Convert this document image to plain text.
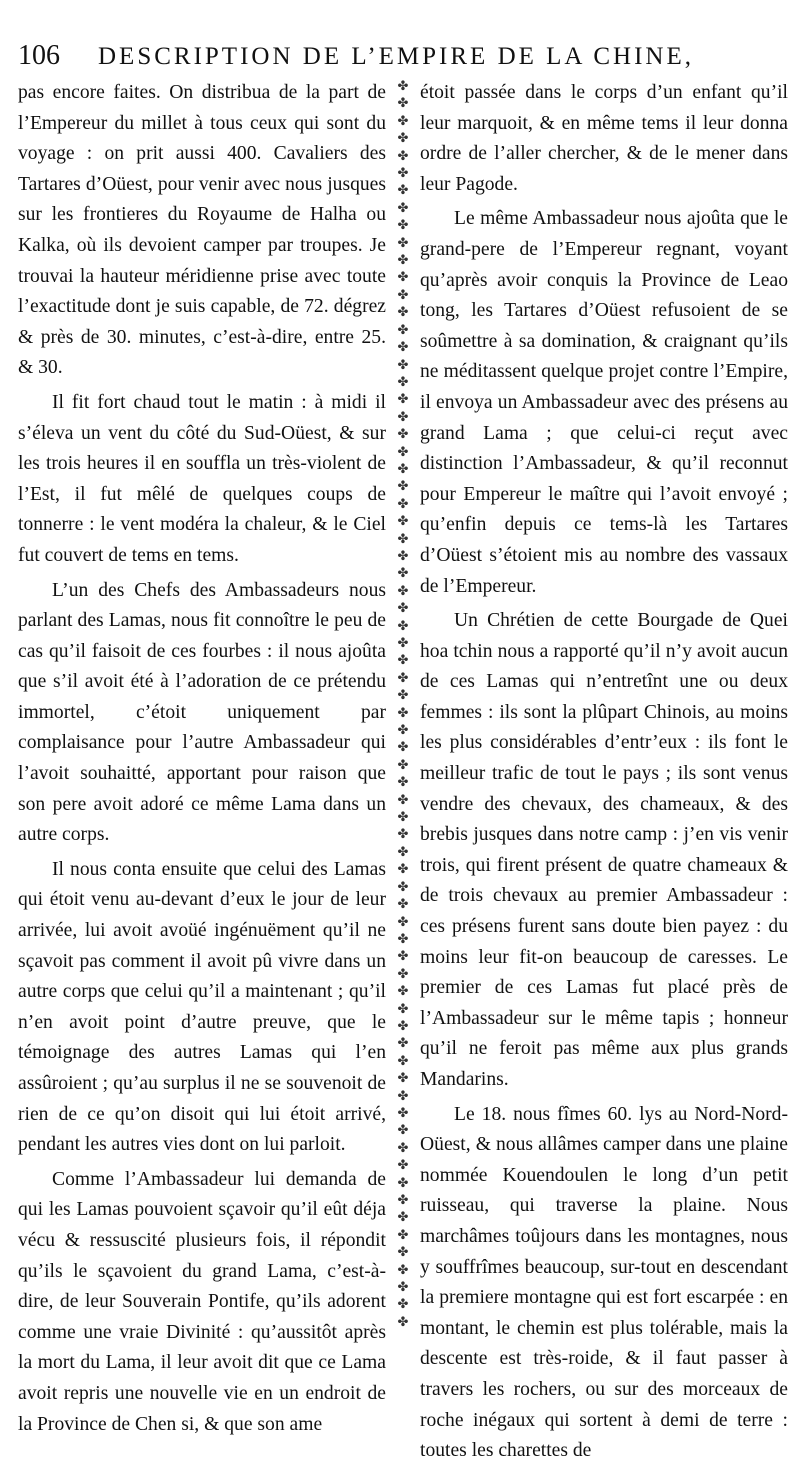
106	DESCRIPTION DE L’EMPIRE DE LA CHINE,

pas encore faites. On distribua de la part de l’Empereur du millet à tous ceux qui sont du voyage : on prit aussi 400. Cavaliers des Tartares d’Oüest, pour venir avec nous jusques sur les frontieres du Royaume de Halha ou Kalka, où ils devoient camper par troupes. Je trouvai la hauteur méridienne prise avec toute l’exactitude dont je suis capable, de 72. dégrez & près de 30. minutes, c’est-à-dire, entre 25. & 30.

Il fit fort chaud tout le matin : à midi il s’éleva un vent du côté du Sud-Oüest, & sur les trois heures il en souffla un très-violent de l’Est, il fut mêlé de quelques coups de tonnerre : le vent modéra la chaleur, & le Ciel fut couvert de tems en tems.

L’un des Chefs des Ambassadeurs nous parlant des Lamas, nous fit connoître le peu de cas qu’il faisoit de ces fourbes : il nous ajoûta que s’il avoit été à l’adoration de ce prétendu immortel, c’étoit uniquement par complaisance pour l’autre Ambassadeur qui l’avoit souhaitté, apportant pour raison que son pere avoit adoré ce même Lama dans un autre corps.

Il nous conta ensuite que celui des Lamas qui étoit venu au-devant d’eux le jour de leur arrivée, lui avoit avoüé ingénuëment qu’il ne sçavoit pas comment il avoit pû vivre dans un autre corps que celui qu’il a maintenant ; qu’il n’en avoit point d’autre preuve, que le témoignage des autres Lamas qui l’en assûroient ; qu’au surplus il ne se souvenoit de rien de ce qu’on disoit qui lui étoit arrivé, pendant les autres vies dont on lui parloit.

Comme l’Ambassadeur lui demanda de qui les Lamas pouvoient sçavoir qu’il eût déja vécu & ressuscité plusieurs fois, il répondit qu’ils le sçavoient du grand Lama, c’est-à-dire, de leur Souverain Pontife, qu’ils adorent comme une vraie Divinité : qu’aussitôt après la mort du Lama, il leur avoit dit que ce Lama avoit repris une nouvelle vie en un endroit de la Province de Chen si, & que son ame

✤
✤
✤
✤
✤
✤
✤
✤
✤
✤
✤
✤
✤
✤
✤
✤
✤
✤
✤
✤
✤
✤
✤
✤
✤
✤
✤
✤
✤
✤
✤
✤
✤
✤
✤
✤
✤
✤
✤
✤
✤
✤
✤
✤
✤
✤
✤
✤
✤
✤
✤
✤
✤
✤
✤
✤
✤
✤
✤
✤
✤
✤
✤
✤
✤
✤
✤
✤
✤
✤
✤
✤

étoit passée dans le corps d’un enfant qu’il leur marquoit, & en même tems il leur donna ordre de l’aller chercher, & de le mener dans leur Pagode.

Le même Ambassadeur nous ajoûta que le grand-pere de l’Empereur regnant, voyant qu’après avoir conquis la Province de Leao tong, les Tartares d’Oüest refusoient de se soûmettre à sa domination, & craignant qu’ils ne méditassent quelque projet contre l’Empire, il envoya un Ambassadeur avec des présens au grand Lama ; que celui-ci reçut avec distinction l’Ambassadeur, & qu’il reconnut pour Empereur le maître qui l’avoit envoyé ; qu’enfin depuis ce tems-là les Tartares d’Oüest s’étoient mis au nombre des vassaux de l’Empereur.

Un Chrétien de cette Bourgade de Quei hoa tchin nous a rapporté qu’il n’y avoit aucun de ces Lamas qui n’entretînt une ou deux femmes : ils sont la plûpart Chinois, au moins les plus considérables d’entr’eux : ils font le meilleur trafic de tout le pays ; ils sont venus vendre des chevaux, des chameaux, & des brebis jusques dans notre camp : j’en vis venir trois, qui firent présent de quatre chameaux & de trois chevaux au premier Ambassadeur : ces présens furent sans doute bien payez : du moins leur fit-on beaucoup de caresses. Le premier de ces Lamas fut placé près de l’Ambassadeur sur le même tapis ; honneur qu’il ne feroit pas même aux plus grands Mandarins.

Le 18. nous fîmes 60. lys au Nord-Nord-Oüest, & nous allâmes camper dans une plaine nommée Kouendoulen le long d’un petit ruisseau, qui traverse la plaine. Nous marchâmes toûjours dans les montagnes, nous y souffrîmes beaucoup, sur-tout en descendant la premiere montagne qui est fort escarpée : en montant, le chemin est plus tolérable, mais la descente est très-roide, & il faut passer à travers les rochers, ou sur des morceaux de roche inégaux qui sortent à demi de terre : toutes les charettes de
